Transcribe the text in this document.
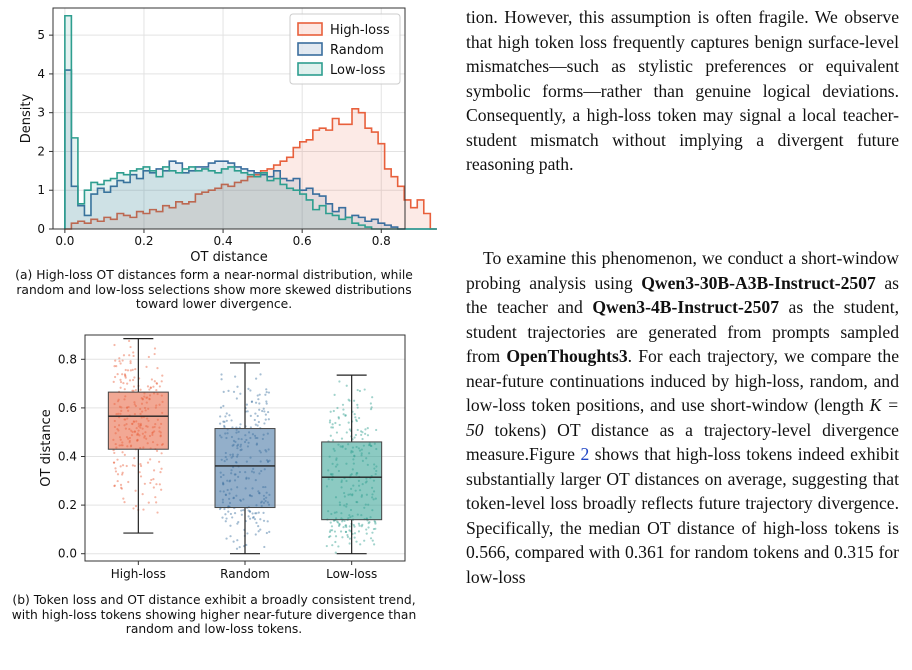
0.0	0.2	0.4	0.6	0.8
0
1
2
3
4
5
OT distance
Density
High-loss
Random
Low-loss
0.0
0.2
0.4
0.6
0.8
High-loss	Random	Low-loss
OT distance
(a) High-loss OT distances form a near-normal distribution, while random and low-loss selections show more skewed distributions toward lower divergence.
(b) Token loss and OT distance exhibit a broadly consistent trend, with high-loss tokens showing higher near-future divergence than random and low-loss tokens.

tion. However, this assumption is often fragile. We observe that high token loss frequently captures benign surface-level mismatches—such as stylistic preferences or equivalent symbolic forms—rather than genuine logical deviations. Consequently, a high-loss token may signal a local teacher-student mismatch without implying a divergent future reasoning path.

To examine this phenomenon, we conduct a short-window probing analysis using Qwen3-30B-A3B-Instruct-2507 as the teacher and Qwen3-4B-Instruct-2507 as the student, student trajectories are generated from prompts sampled from OpenThoughts3. For each trajectory, we compare the near-future continuations induced by high-loss, random, and low-loss token positions, and use short-window (length K = 50 tokens) OT distance as a trajectory-level divergence measure.Figure 2 shows that high-loss tokens indeed exhibit substantially larger OT distances on average, suggesting that token-level loss broadly reflects future trajectory divergence. Specifically, the median OT distance of high-loss tokens is 0.566, compared with 0.361 for random tokens and 0.315 for low-loss
